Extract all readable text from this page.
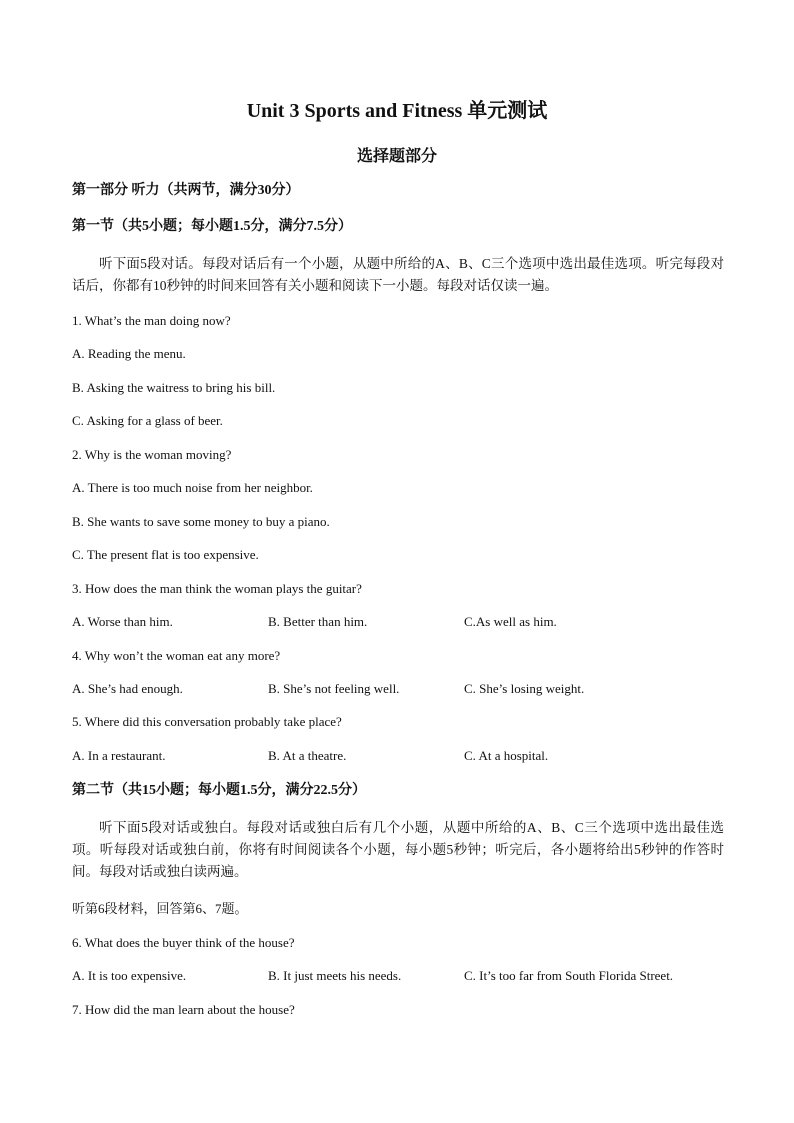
Unit 3 Sports and Fitness 单元测试
选择题部分
第一部分 听力（共两节，满分30分）
第一节（共5小题；每小题1.5分，满分7.5分）
听下面5段对话。每段对话后有一个小题，从题中所给的A、B、C三个选项中选出最佳选项。听完每段对话后，你都有10秒钟的时间来回答有关小题和阅读下一小题。每段对话仅读一遍。
1. What’s the man doing now?
A. Reading the menu.
B. Asking the waitress to bring his bill.
C. Asking for a glass of beer.
2. Why is the woman moving?
A. There is too much noise from her neighbor.
B. She wants to save some money to buy a piano.
C. The present flat is too expensive.
3. How does the man think the woman plays the guitar?
A. Worse than him.	B. Better than him.	C.As well as him.
4. Why won’t the woman eat any more?
A. She’s had enough.	B. She’s not feeling well.	C. She’s losing weight.
5. Where did this conversation probably take place?
A. In a restaurant.	B. At a theatre.	C. At a hospital.
第二节（共15小题；每小题1.5分，满分22.5分）
听下面5段对话或独白。每段对话或独白后有几个小题，从题中所给的A、B、C三个选项中选出最佳选项。听每段对话或独白前，你将有时间阅读各个小题，每小题5秒钟；听完后，各小题将给出5秒钟的作答时间。每段对话或独白读两遍。
听第6段材料，回答第6、7题。
6. What does the buyer think of the house?
A. It is too expensive.	B. It just meets his needs.	C. It’s too far from South Florida Street.
7. How did the man learn about the house?
